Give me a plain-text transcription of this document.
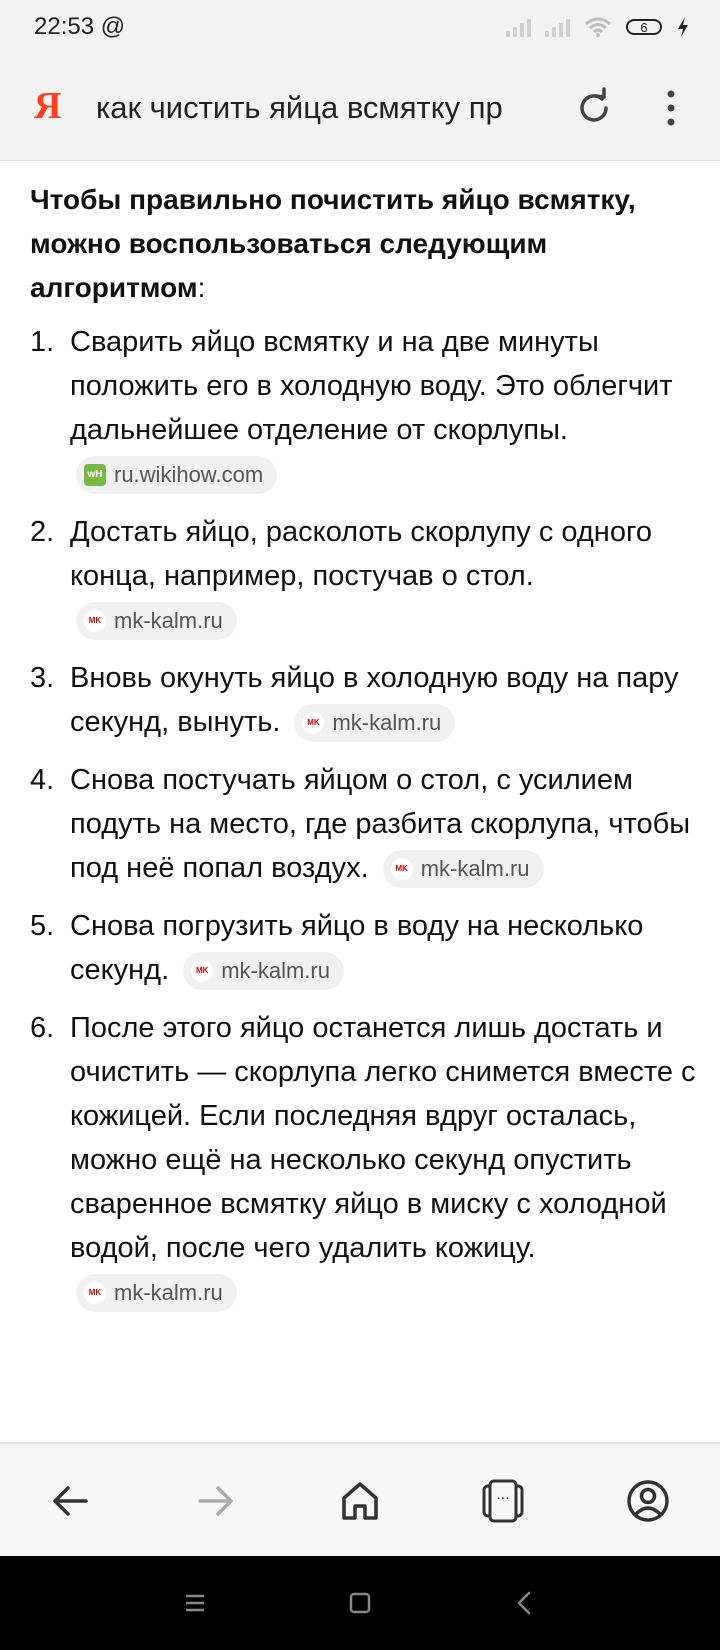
22:53 @	6
Я как чистить яйца всмятку пр
Чтобы правильно почистить яйцо всмятку, можно воспользоваться следующим алгоритмом:
1. Сварить яйцо всмятку и на две минуты положить его в холодную воду. Это облегчит дальнейшее отделение от скорлупы.
wH ru.wikihow.com
2. Достать яйцо, расколоть скорлупу с одного конца, например, постучав о стол.
MK mk-kalm.ru
3. Вновь окунуть яйцо в холодную воду на пару секунд, вынуть.	MK mk-kalm.ru
4. Снова постучать яйцом о стол, с усилием подуть на место, где разбита скорлупа, чтобы под неё попал воздух.	MK mk-kalm.ru
5. Снова погрузить яйцо в воду на несколько секунд.	MK mk-kalm.ru
6. После этого яйцо останется лишь достать и очистить — скорлупа легко снимется вместе с кожицей. Если последняя вдруг осталась, можно ещё на несколько секунд опустить сваренное всмятку яйцо в миску с холодной водой, после чего удалить кожицу.
MK mk-kalm.ru
...
